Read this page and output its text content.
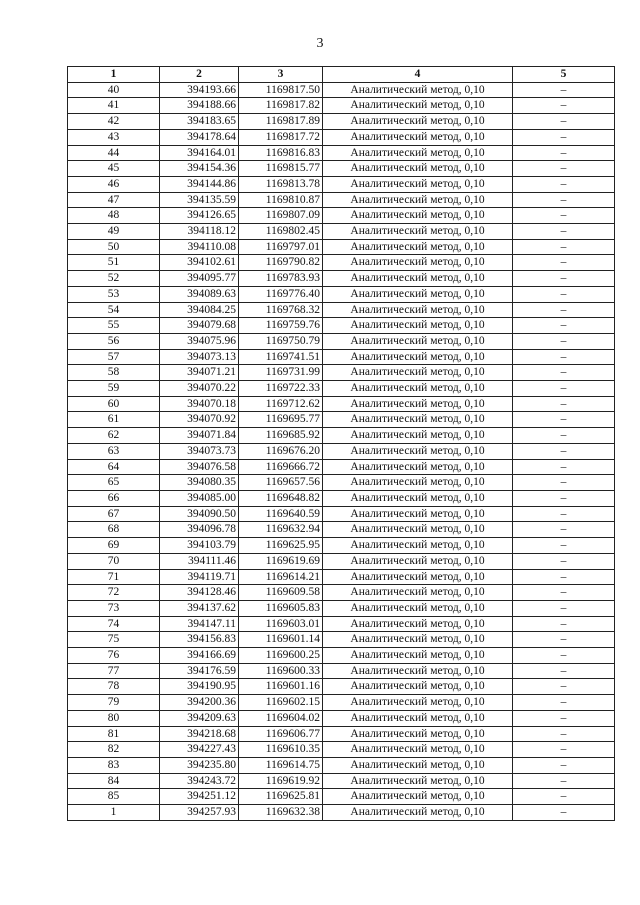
3
1	2	3	4	5
40	394193.66	1169817.50	Аналитический метод, 0,10	–
41	394188.66	1169817.82	Аналитический метод, 0,10	–
42	394183.65	1169817.89	Аналитический метод, 0,10	–
43	394178.64	1169817.72	Аналитический метод, 0,10	–
44	394164.01	1169816.83	Аналитический метод, 0,10	–
45	394154.36	1169815.77	Аналитический метод, 0,10	–
46	394144.86	1169813.78	Аналитический метод, 0,10	–
47	394135.59	1169810.87	Аналитический метод, 0,10	–
48	394126.65	1169807.09	Аналитический метод, 0,10	–
49	394118.12	1169802.45	Аналитический метод, 0,10	–
50	394110.08	1169797.01	Аналитический метод, 0,10	–
51	394102.61	1169790.82	Аналитический метод, 0,10	–
52	394095.77	1169783.93	Аналитический метод, 0,10	–
53	394089.63	1169776.40	Аналитический метод, 0,10	–
54	394084.25	1169768.32	Аналитический метод, 0,10	–
55	394079.68	1169759.76	Аналитический метод, 0,10	–
56	394075.96	1169750.79	Аналитический метод, 0,10	–
57	394073.13	1169741.51	Аналитический метод, 0,10	–
58	394071.21	1169731.99	Аналитический метод, 0,10	–
59	394070.22	1169722.33	Аналитический метод, 0,10	–
60	394070.18	1169712.62	Аналитический метод, 0,10	–
61	394070.92	1169695.77	Аналитический метод, 0,10	–
62	394071.84	1169685.92	Аналитический метод, 0,10	–
63	394073.73	1169676.20	Аналитический метод, 0,10	–
64	394076.58	1169666.72	Аналитический метод, 0,10	–
65	394080.35	1169657.56	Аналитический метод, 0,10	–
66	394085.00	1169648.82	Аналитический метод, 0,10	–
67	394090.50	1169640.59	Аналитический метод, 0,10	–
68	394096.78	1169632.94	Аналитический метод, 0,10	–
69	394103.79	1169625.95	Аналитический метод, 0,10	–
70	394111.46	1169619.69	Аналитический метод, 0,10	–
71	394119.71	1169614.21	Аналитический метод, 0,10	–
72	394128.46	1169609.58	Аналитический метод, 0,10	–
73	394137.62	1169605.83	Аналитический метод, 0,10	–
74	394147.11	1169603.01	Аналитический метод, 0,10	–
75	394156.83	1169601.14	Аналитический метод, 0,10	–
76	394166.69	1169600.25	Аналитический метод, 0,10	–
77	394176.59	1169600.33	Аналитический метод, 0,10	–
78	394190.95	1169601.16	Аналитический метод, 0,10	–
79	394200.36	1169602.15	Аналитический метод, 0,10	–
80	394209.63	1169604.02	Аналитический метод, 0,10	–
81	394218.68	1169606.77	Аналитический метод, 0,10	–
82	394227.43	1169610.35	Аналитический метод, 0,10	–
83	394235.80	1169614.75	Аналитический метод, 0,10	–
84	394243.72	1169619.92	Аналитический метод, 0,10	–
85	394251.12	1169625.81	Аналитический метод, 0,10	–
1	394257.93	1169632.38	Аналитический метод, 0,10	–
